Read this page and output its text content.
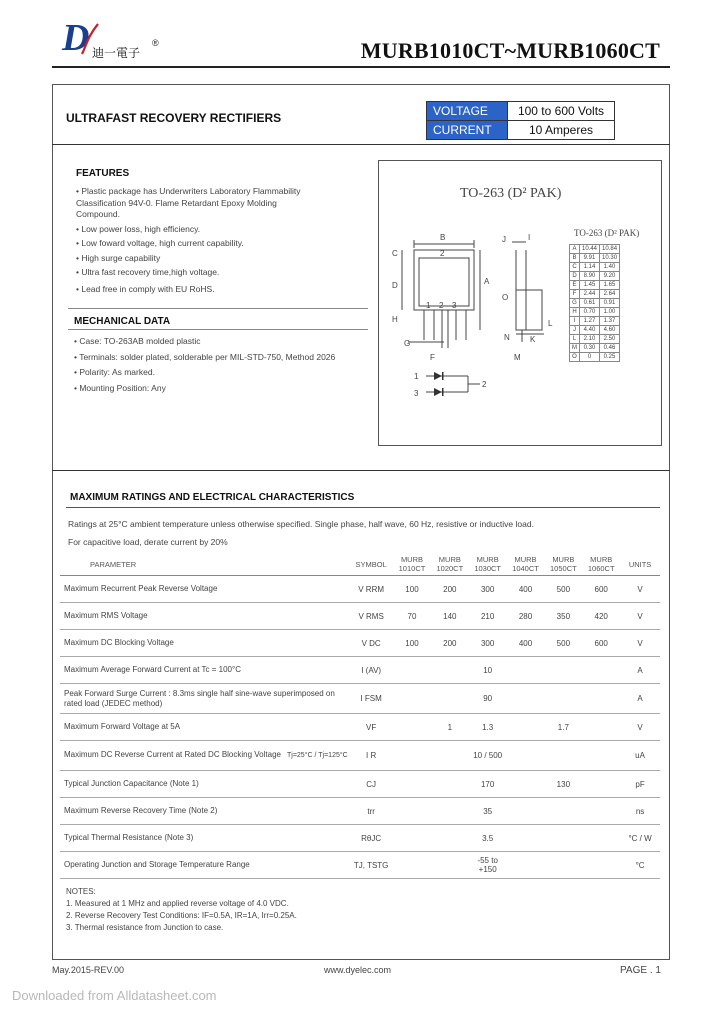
D 迪一電子
®	MURB1010CT~MURB1060CT
ULTRAFAST RECOVERY RECTIFIERS	VOLTAGE	100 to 600 Volts
CURRENT	10 Amperes
FEATURES
• Plastic package has Underwriters Laboratory Flammability Classification 94V-0. Flame Retardant Epoxy Molding Compound.
• Low power loss, high efficiency.
• Low foward voltage, high current capability.
• High surge capability
• Ultra fast recovery time,high voltage.
• Lead free in comply with EU RoHS.
MECHANICAL DATA
• Case: TO-263AB molded plastic
• Terminals: solder plated, solderable per MIL-STD-750, Method 2026
• Polarity: As marked.
• Mounting Position: Any
TO-263 (D² PAK)
B
C
D	A
H
G
F
J	I
O
N	K
L
M
1 2 3
1
3
2
2
TO-263 (D² PAK)
A	10.44	10.84
B	9.91	10.30
C	1.14	1.40
D	8.90	9.20
E	1.45	1.65
F	2.44	2.64
G	0.61	0.91
H	0.70	1.00
I	1.27	1.37
J	4.40	4.60
L	2.10	2.50
M	0.30	0.46
O	0	0.25
MAXIMUM RATINGS AND ELECTRICAL CHARACTERISTICS
Ratings at 25°C ambient temperature unless otherwise specified. Single phase, half wave, 60 Hz, resistive or inductive load.
For capacitive load, derate current by 20%
PARAMETER	SYMBOL	MURB 1010CT	MURB 1020CT	MURB 1030CT	MURB 1040CT	MURB 1050CT	MURB 1060CT	UNITS
Maximum Recurrent Peak Reverse Voltage	V RRM	100	200	300	400	500	600	V
Maximum RMS Voltage	V RMS	70	140	210	280	350	420	V
Maximum DC Blocking Voltage	V DC	100	200	300	400	500	600	V
Maximum Average Forward Current at Tc = 100°C	I (AV)			10				A
Peak Forward Surge Current : 8.3ms single half sine-wave superimposed on rated load (JEDEC method)	I FSM			90				A
Maximum Forward Voltage at 5A	VF		1	1.3		1.7		V
Maximum DC Reverse Current at Rated DC Blocking Voltage Tj=25°C / Tj=125°C	I R			10 / 500				uA
Typical Junction Capacitance (Note 1)	CJ			170		130		pF
Maximum Reverse Recovery Time (Note 2)	trr			35				ns
Typical Thermal Resistance (Note 3)	RθJC			3.5				°C / W
Operating Junction and Storage Temperature Range	TJ, TSTG			-55 to +150				°C
NOTES:
1. Measured at 1 MHz and applied reverse voltage of 4.0 VDC.
2. Reverse Recovery Test Conditions: IF=0.5A, IR=1A, Irr=0.25A.
3. Thermal resistance from Junction to case.
May.2015-REV.00	www.dyelec.com	PAGE . 1
Downloaded from Alldatasheet.com
